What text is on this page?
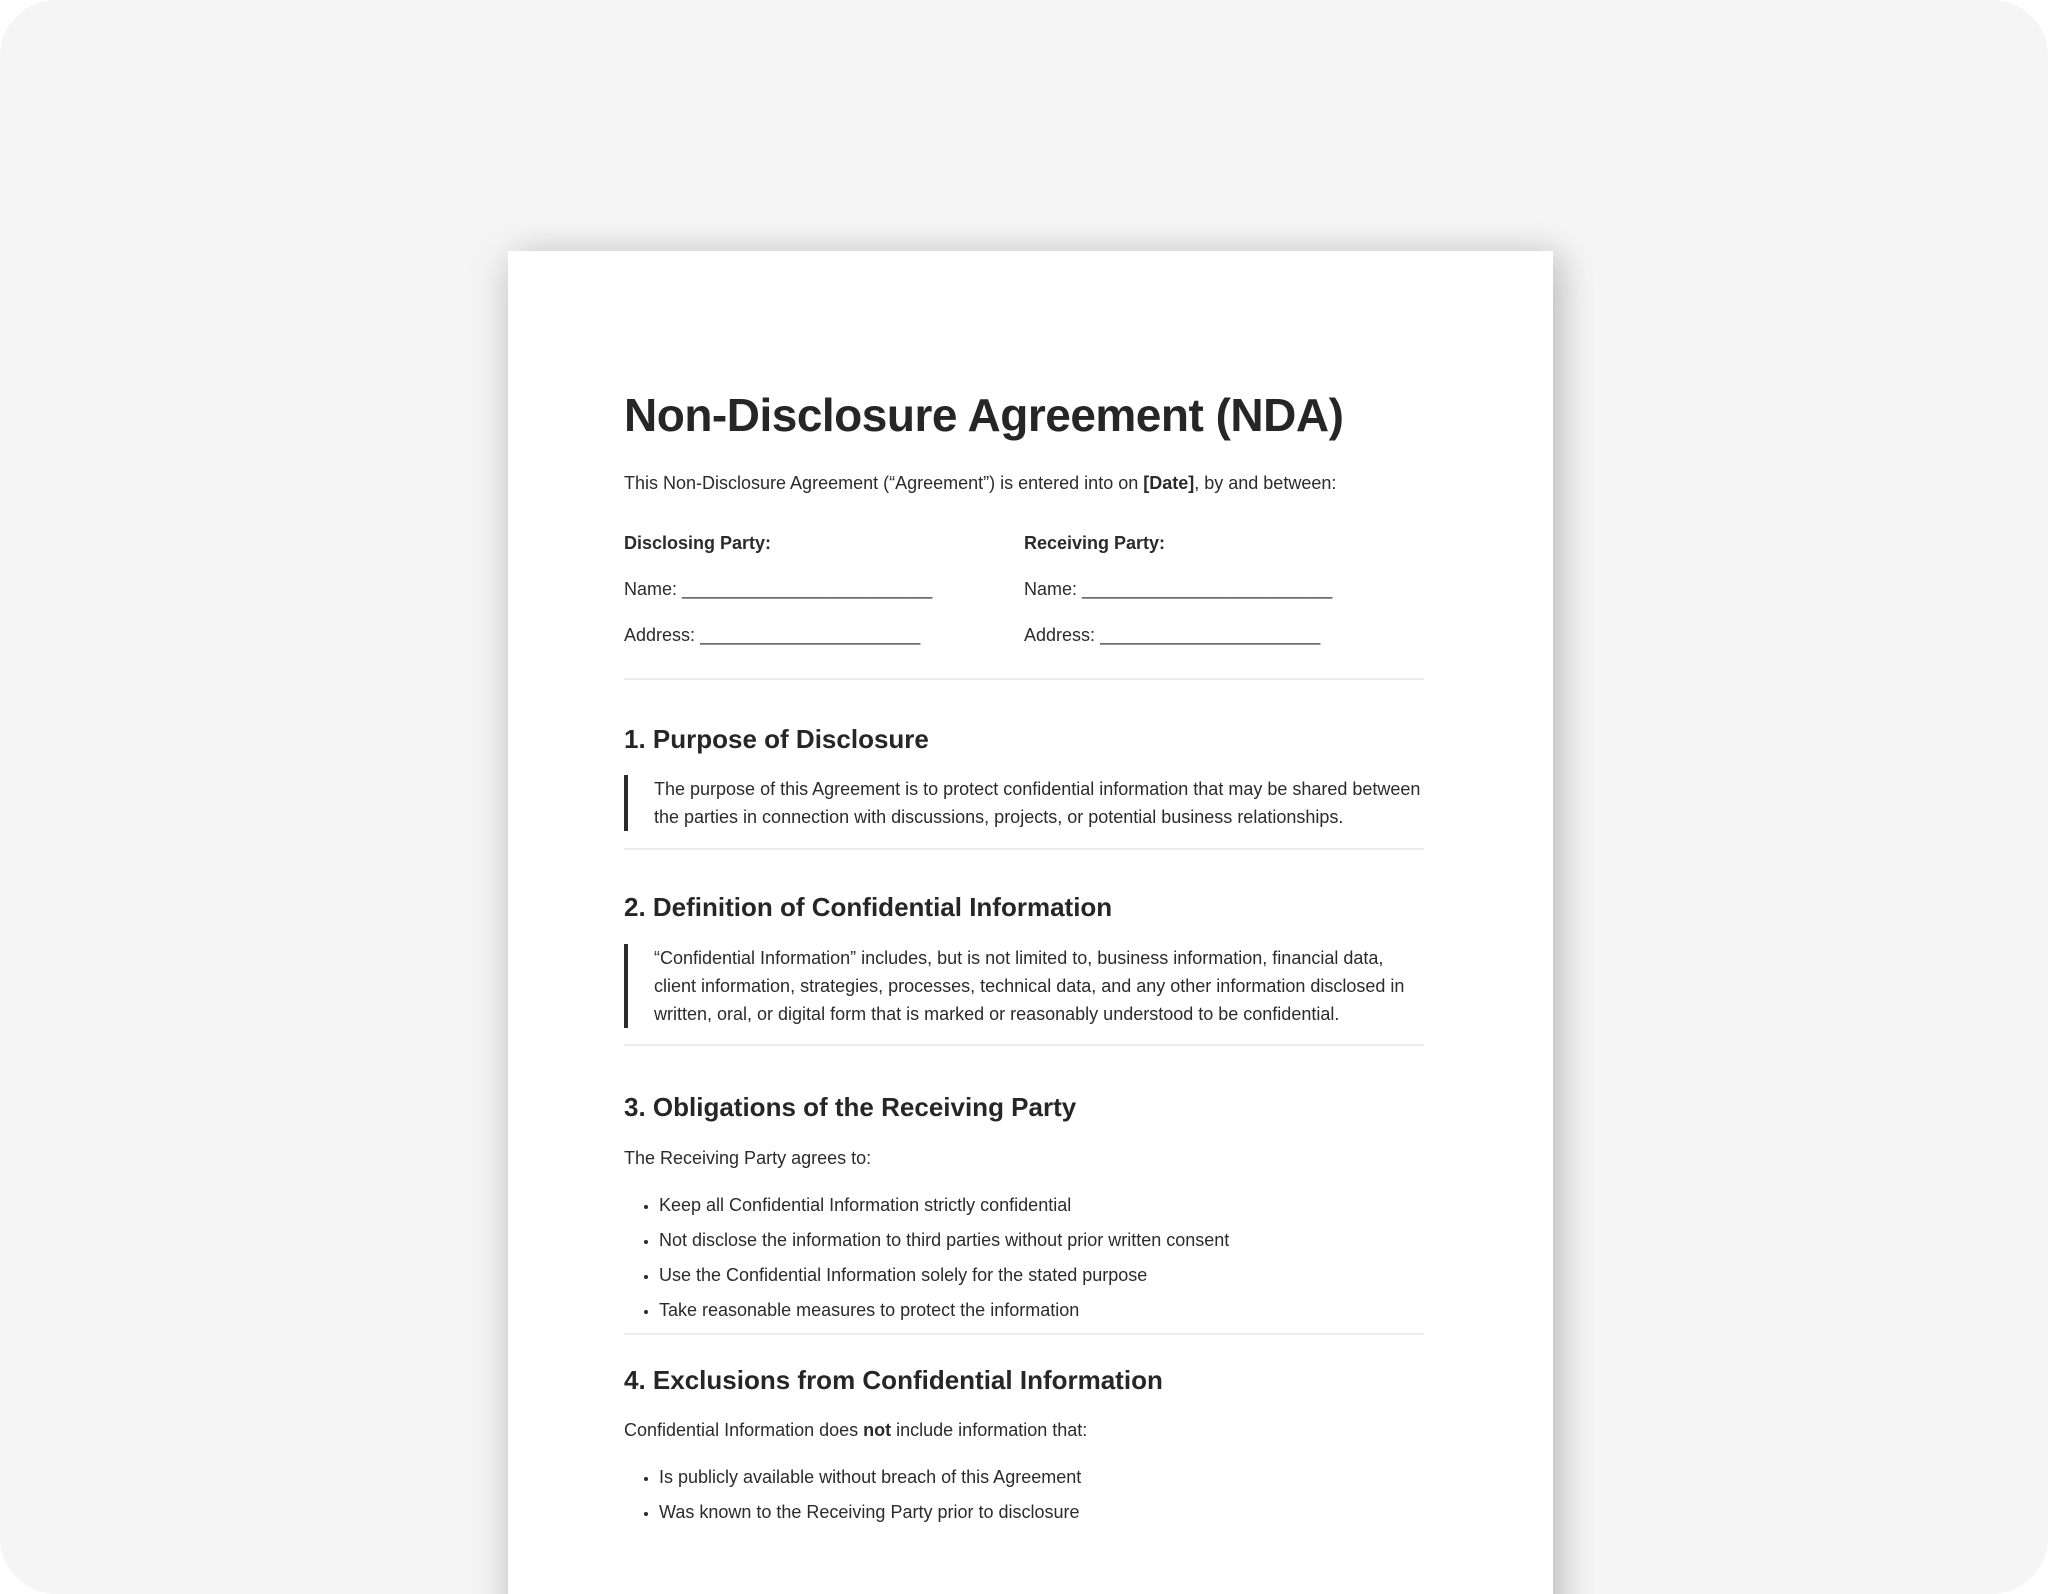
Non-Disclosure Agreement (NDA)

This Non-Disclosure Agreement (“Agreement”) is entered into on [Date], by and between:

Disclosing Party:
Name: _________________________
Address: ______________________
Receiving Party:
Name: _________________________
Address: ______________________
1. Purpose of Disclosure

The purpose of this Agreement is to protect confidential information that may be shared between the parties in connection with discussions, projects, or potential business relationships.

2. Definition of Confidential Information

“Confidential Information” includes, but is not limited to, business information, financial data, client information, strategies, processes, technical data, and any other information disclosed in written, oral, or digital form that is marked or reasonably understood to be confidential.

3. Obligations of the Receiving Party

The Receiving Party agrees to:

• Keep all Confidential Information strictly confidential
• Not disclose the information to third parties without prior written consent
• Use the Confidential Information solely for the stated purpose
• Take reasonable measures to protect the information
4. Exclusions from Confidential Information

Confidential Information does not include information that:

• Is publicly available without breach of this Agreement
• Was known to the Receiving Party prior to disclosure
